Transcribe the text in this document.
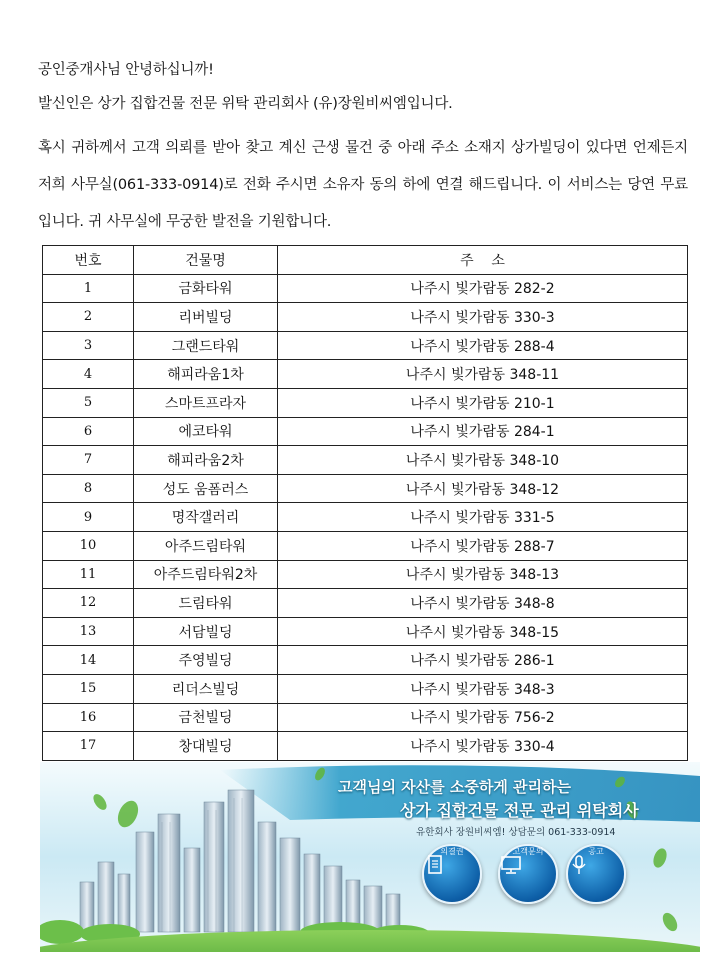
공인중개사님 안녕하십니까!

발신인은 상가 집합건물 전문 위탁 관리회사 (유)장원비씨엠입니다.

혹시 귀하께서 고객 의뢰를 받아 찾고 계신 근생 물건 중 아래 주소 소재지 상가빌딩이 있다면 언제든지 저희 사무실(061-333-0914)로 전화 주시면 소유자 동의 하에 연결 해드립니다. 이 서비스는 당연 무료입니다. 귀 사무실에 무궁한 발전을 기원합니다.

번호	건물명	주    소
1	금화타워	나주시 빛가람동 282-2
2	리버빌딩	나주시 빛가람동 330-3
3	그랜드타워	나주시 빛가람동 288-4
4	해피라움1차	나주시 빛가람동 348-11
5	스마트프라자	나주시 빛가람동 210-1
6	에코타워	나주시 빛가람동 284-1
7	해피라움2차	나주시 빛가람동 348-10
8	성도 움폼러스	나주시 빛가람동 348-12
9	명작갤러리	나주시 빛가람동 331-5
10	아주드림타워	나주시 빛가람동 288-7
11	아주드림타워2차	나주시 빛가람동 348-13
12	드림타워	나주시 빛가람동 348-8
13	서담빌딩	나주시 빛가람동 348-15
14	주영빌딩	나주시 빛가람동 286-1
15	리더스빌딩	나주시 빛가람동 348-3
16	금천빌딩	나주시 빛가람동 756-2
17	창대빌딩	나주시 빛가람동 330-4
고객님의 자산를 소중하게 관리하는
상가 집합건물 전문 관리 위탁회사
유한회사 장원비씨엠! 상담문의 061-333-0914
의결권	고객문의	공고
